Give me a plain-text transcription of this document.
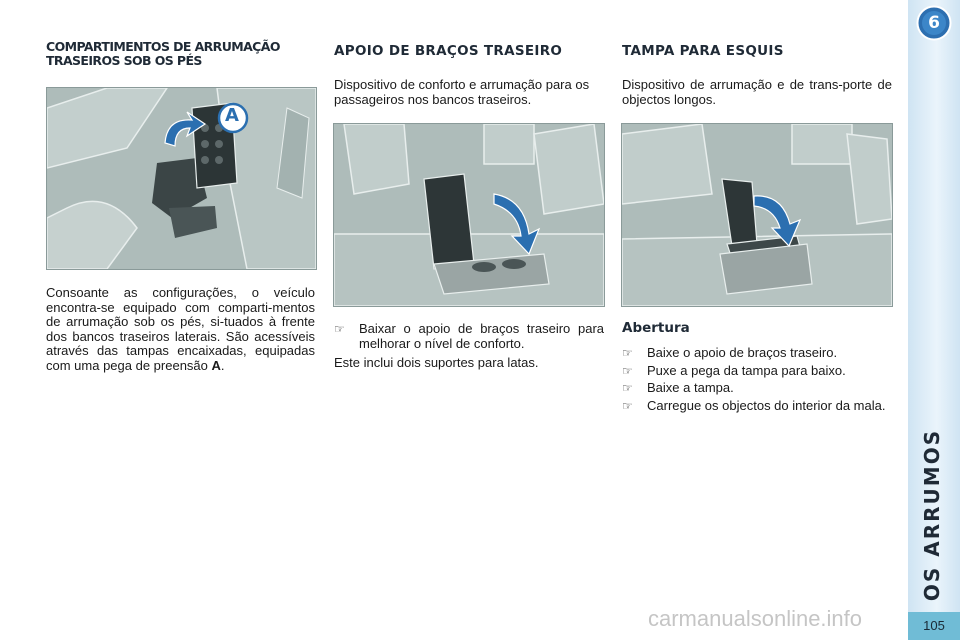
COMPARTIMENTOS DE ARRUMAÇÃO TRASEIROS SOB OS PÉS
A

Consoante as configurações, o veículo encontra-se equipado com comparti-mentos de arrumação sob os pés, si-tuados à frente dos bancos traseiros laterais. São acessíveis através das tampas encaixadas, equipadas com uma pega de preensão A.

APOIO DE BRAÇOS TRASEIRO

Dispositivo de conforto e arrumação para os passageiros nos bancos traseiros.

☞ Baixar o apoio de braços traseiro para melhorar o nível de conforto.

Este inclui dois suportes para latas.

TAMPA PARA ESQUIS

Dispositivo de arrumação e de trans-porte de objectos longos.

Abertura
☞ Baixe o apoio de braços traseiro.
☞ Puxe a pega da tampa para baixo.
☞ Baixe a tampa.
☞ Carregue os objectos do interior da mala.
6
OS ARRUMOS
105
carmanualsonline.info
